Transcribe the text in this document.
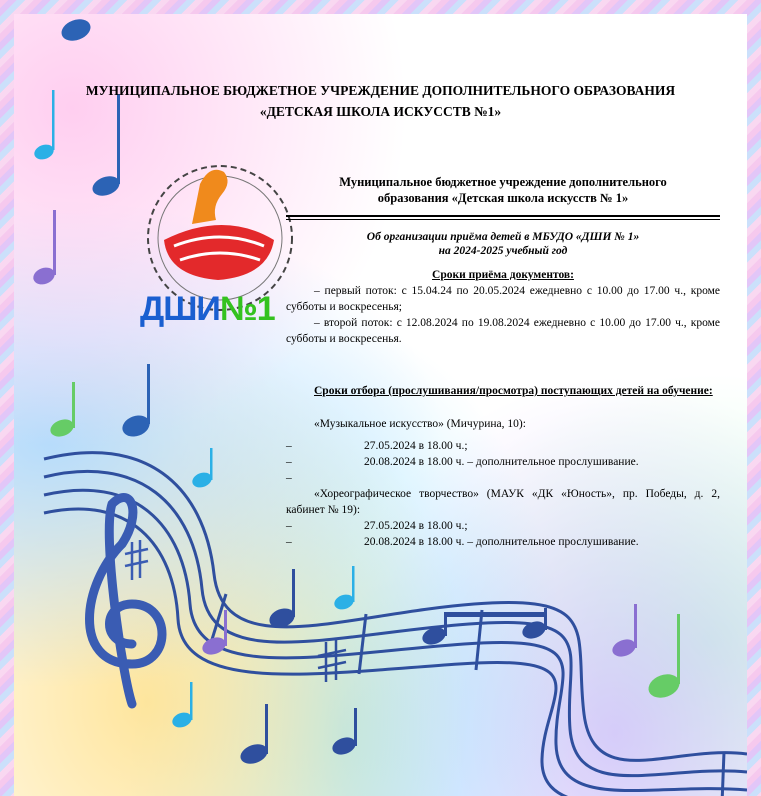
МУНИЦИПАЛЬНОЕ БЮДЖЕТНОЕ УЧРЕЖДЕНИЕ ДОПОЛНИТЕЛЬНОГО ОБРАЗОВАНИЯ
«ДЕТСКАЯ ШКОЛА ИСКУССТВ №1»
ДШИ№1
Муниципальное бюджетное учреждение дополнительного
образования «Детская школа искусств № 1»
Об организации приёма детей в МБУДО «ДШИ № 1»
на 2024-2025 учебный год
Сроки приёма документов:
– первый поток: с 15.04.24 по 20.05.2024 ежедневно с 10.00 до 17.00 ч., кроме субботы и воскресенья;
– второй поток: с 12.08.2024 по 19.08.2024 ежедневно с 10.00 до 17.00 ч., кроме субботы и воскресенья.
Сроки отбора (прослушивания/просмотра) поступающих детей на обучение:
«Музыкальное искусство» (Мичурина, 10):
–	27.05.2024 в 18.00 ч.;
–	20.08.2024 в 18.00 ч. – дополнительное прослушивание.
–
«Хореографическое творчество» (МАУК «ДК «Юность», пр. Победы, д. 2, кабинет № 19):
–	27.05.2024 в 18.00 ч.;
–	20.08.2024 в 18.00 ч. – дополнительное прослушивание.
